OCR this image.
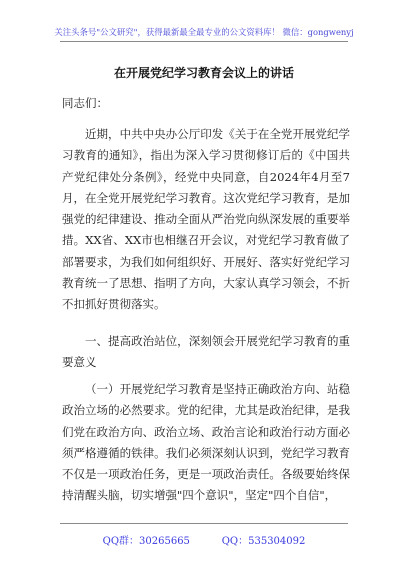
关注头条号"公文研究"，获得最新最全最专业的公文资料库！ 微信：gongwenyj
在开展党纪学习教育会议上的讲话
同志们：
近期，中共中央办公厅印发《关于在全党开展党纪学习教育的通知》，指出为深入学习贯彻修订后的《中国共产党纪律处分条例》，经党中央同意，自2024年4月至7月，在全党开展党纪学习教育。这次党纪学习教育，是加强党的纪律建设、推动全面从严治党向纵深发展的重要举措。XX省、XX市也相继召开会议，对党纪学习教育做了部署要求，为我们如何组织好、开展好、落实好党纪学习教育统一了思想、指明了方向，大家认真学习领会，不折不扣抓好贯彻落实。
一、提高政治站位，深刻领会开展党纪学习教育的重要意义
（一）开展党纪学习教育是坚持正确政治方向、站稳政治立场的必然要求。党的纪律，尤其是政治纪律，是我们党在政治方向、政治立场、政治言论和政治行动方面必须严格遵循的铁律。我们必须深刻认识到，党纪学习教育不仅是一项政治任务，更是一项政治责任。各级要始终保持清醒头脑，切实增强"四个意识"，坚定"四个自信"，
QQ群：30265665          QQ：535304092
